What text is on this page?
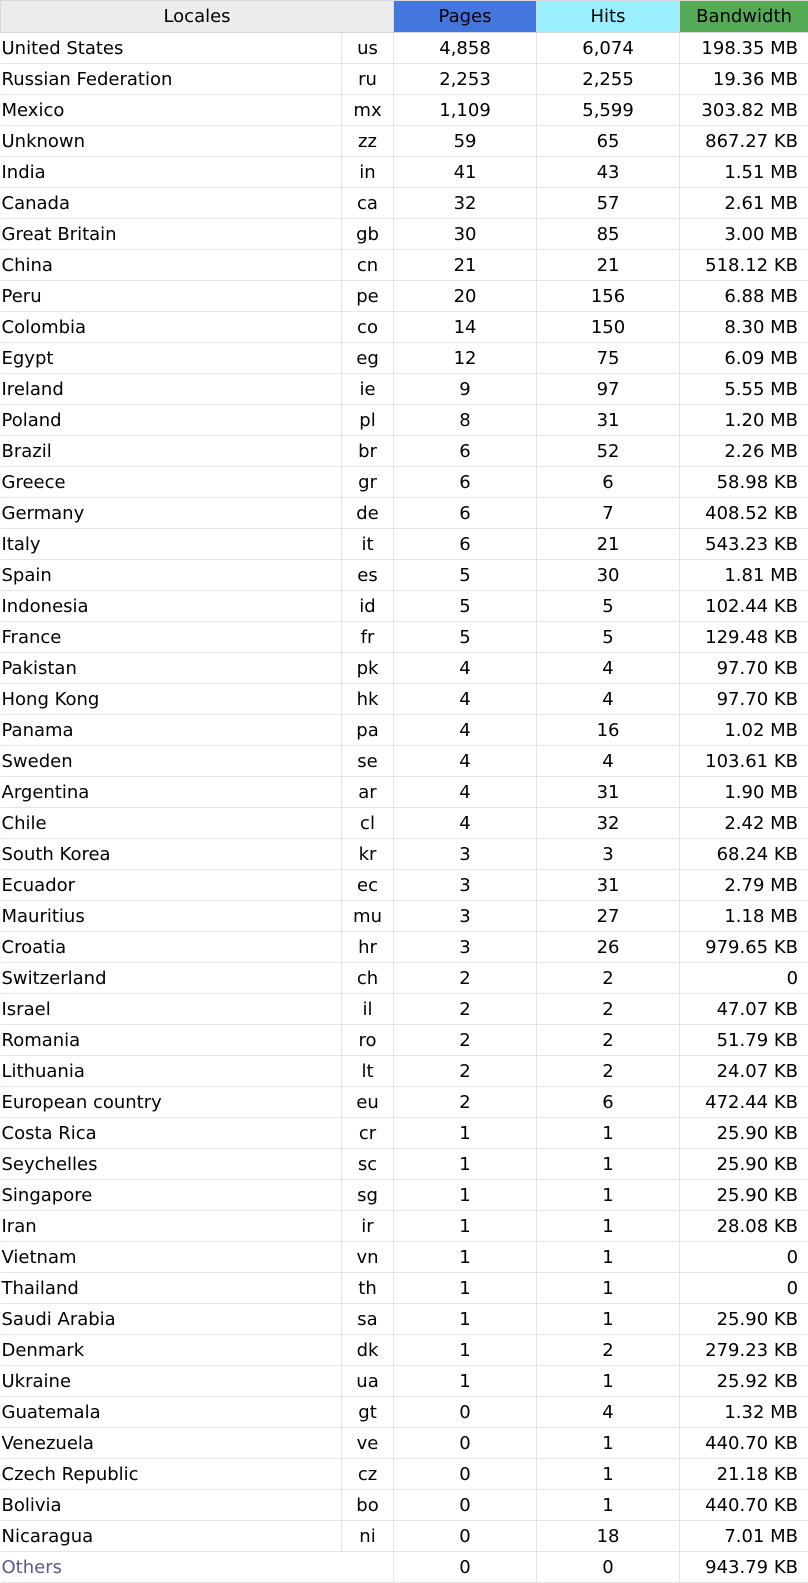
Locales		Pages	Hits	Bandwidth
United States	us	4,858	6,074	198.35 MB
Russian Federation	ru	2,253	2,255	19.36 MB
Mexico	mx	1,109	5,599	303.82 MB
Unknown	zz	59	65	867.27 KB
India	in	41	43	1.51 MB
Canada	ca	32	57	2.61 MB
Great Britain	gb	30	85	3.00 MB
China	cn	21	21	518.12 KB
Peru	pe	20	156	6.88 MB
Colombia	co	14	150	8.30 MB
Egypt	eg	12	75	6.09 MB
Ireland	ie	9	97	5.55 MB
Poland	pl	8	31	1.20 MB
Brazil	br	6	52	2.26 MB
Greece	gr	6	6	58.98 KB
Germany	de	6	7	408.52 KB
Italy	it	6	21	543.23 KB
Spain	es	5	30	1.81 MB
Indonesia	id	5	5	102.44 KB
France	fr	5	5	129.48 KB
Pakistan	pk	4	4	97.70 KB
Hong Kong	hk	4	4	97.70 KB
Panama	pa	4	16	1.02 MB
Sweden	se	4	4	103.61 KB
Argentina	ar	4	31	1.90 MB
Chile	cl	4	32	2.42 MB
South Korea	kr	3	3	68.24 KB
Ecuador	ec	3	31	2.79 MB
Mauritius	mu	3	27	1.18 MB
Croatia	hr	3	26	979.65 KB
Switzerland	ch	2	2	0
Israel	il	2	2	47.07 KB
Romania	ro	2	2	51.79 KB
Lithuania	lt	2	2	24.07 KB
European country	eu	2	6	472.44 KB
Costa Rica	cr	1	1	25.90 KB
Seychelles	sc	1	1	25.90 KB
Singapore	sg	1	1	25.90 KB
Iran	ir	1	1	28.08 KB
Vietnam	vn	1	1	0
Thailand	th	1	1	0
Saudi Arabia	sa	1	1	25.90 KB
Denmark	dk	1	2	279.23 KB
Ukraine	ua	1	1	25.92 KB
Guatemala	gt	0	4	1.32 MB
Venezuela	ve	0	1	440.70 KB
Czech Republic	cz	0	1	21.18 KB
Bolivia	bo	0	1	440.70 KB
Nicaragua	ni	0	18	7.01 MB
Others		0	0	943.79 KB
